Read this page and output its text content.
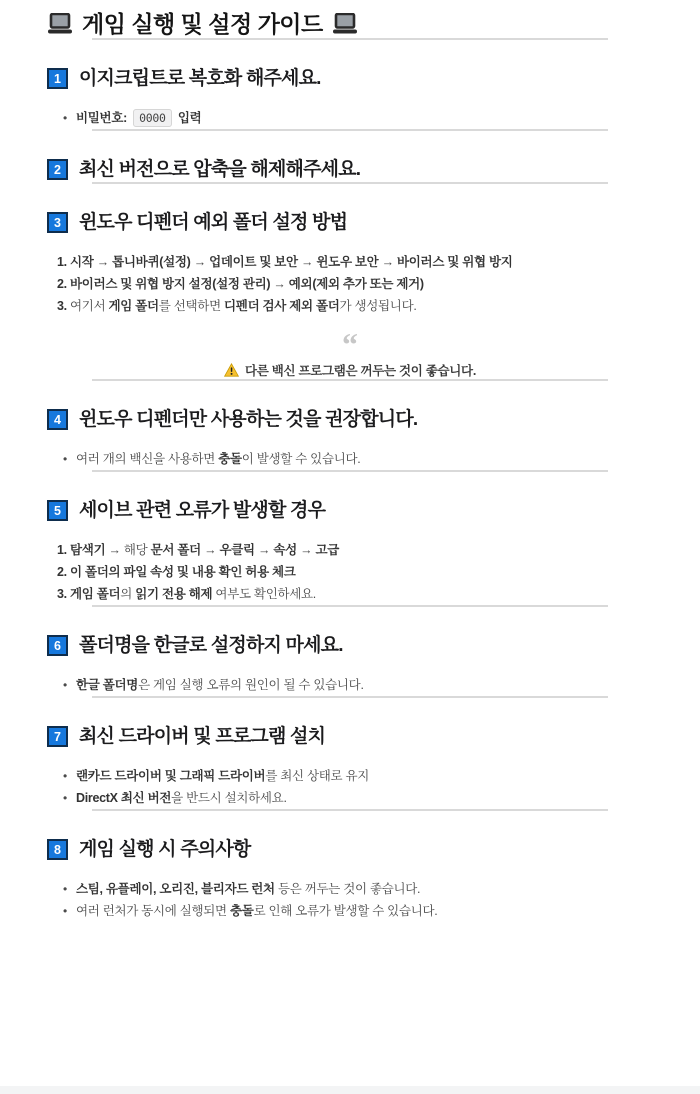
게임 실행 및 설정 가이드
1 이지크립트로 복호화 해주세요.
• 비밀번호: 0000 입력
2 최신 버전으로 압축을 해제해주세요.
3 윈도우 디펜더 예외 폴더 설정 방법
시작 → 톱니바퀴(설정) → 업데이트 및 보안 → 윈도우 보안 → 바이러스 및 위협 방지
바이러스 및 위협 방지 설정(설정 관리) → 예외(제외 추가 또는 제거)
여기서 게임 폴더를 선택하면 디펜더 검사 제외 폴더가 생성됩니다.
“
다른 백신 프로그램은 꺼두는 것이 좋습니다.
4 윈도우 디펜더만 사용하는 것을 권장합니다.
• 여러 개의 백신을 사용하면 충돌이 발생할 수 있습니다.
5 세이브 관련 오류가 발생할 경우
탐색기 → 해당 문서 폴더 → 우클릭 → 속성 → 고급
이 폴더의 파일 속성 및 내용 확인 허용 체크
게임 폴더의 읽기 전용 해제 여부도 확인하세요.
6 폴더명을 한글로 설정하지 마세요.
• 한글 폴더명은 게임 실행 오류의 원인이 될 수 있습니다.
7 최신 드라이버 및 프로그램 설치
• 랜카드 드라이버 및 그래픽 드라이버를 최신 상태로 유지
• DirectX 최신 버전을 반드시 설치하세요.
8 게임 실행 시 주의사항
• 스팀, 유플레이, 오리진, 블리자드 런처 등은 꺼두는 것이 좋습니다.
• 여러 런처가 동시에 실행되면 충돌로 인해 오류가 발생할 수 있습니다.
